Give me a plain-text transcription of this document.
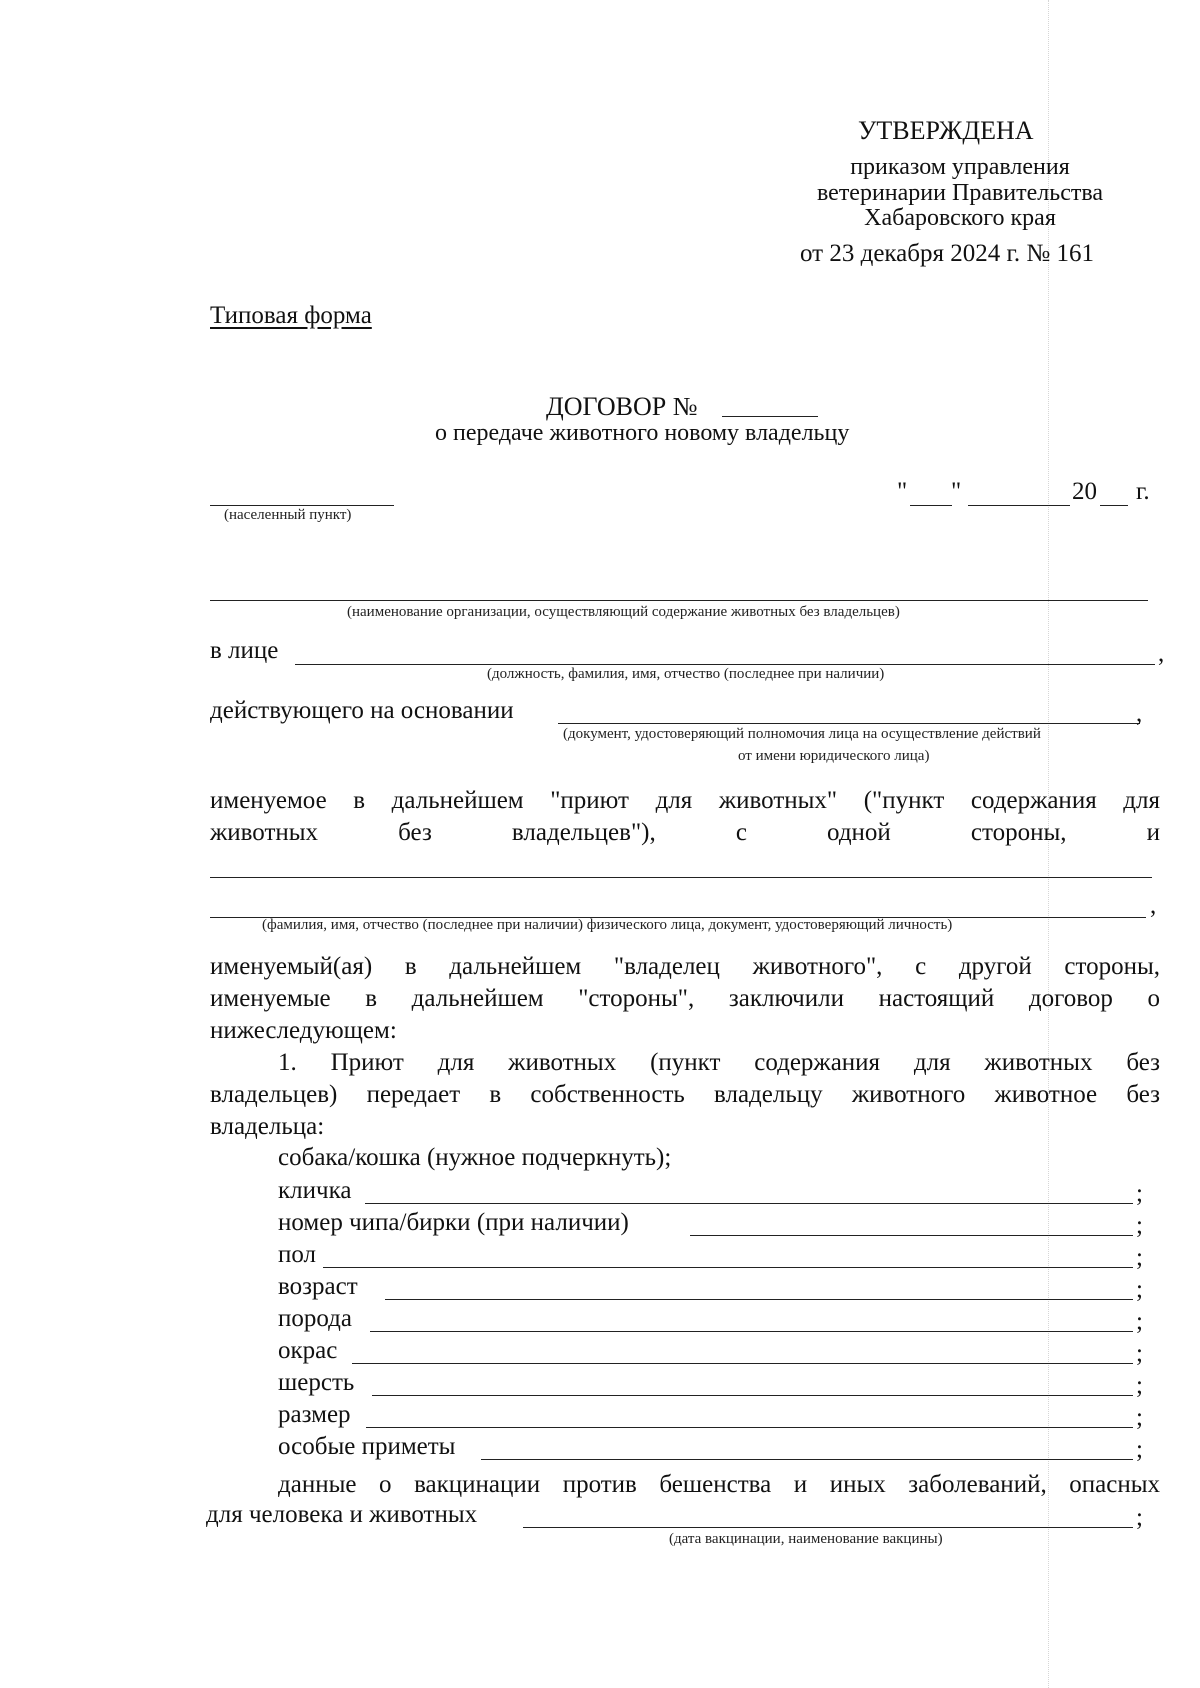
УТВЕРЖДЕНА
приказом управления
ветеринарии Правительства
Хабаровского края
от 23 декабря 2024 г. № 161
Типовая форма
ДОГОВОР №
о передаче животного новому владельцу
(населенный пункт)
" "	20 г.
(наименование организации, осуществляющий содержание животных без владельцев)
в лице	,
(должность, фамилия, имя, отчество (последнее при наличии)
действующего на основании	,
(документ, удостоверяющий полномочия лица на осуществление действий
от имени юридического лица)
именуемое в дальнейшем "приют для животных" ("пункт содержания для
животных без владельцев"), с одной стороны, и
,
(фамилия, имя, отчество (последнее при наличии) физического лица, документ, удостоверяющий личность)
именуемый(ая) в дальнейшем "владелец животного", с другой стороны,
именуемые в дальнейшем "стороны", заключили настоящий договор о
нижеследующем:
1. Приют для животных (пункт содержания для животных без
владельцев) передает в собственность владельцу животного животное без
владельца:
собака/кошка (нужное подчеркнуть);
кличка	;
номер чипа/бирки (при наличии)	;
пол	;
возраст	;
порода	;
окрас	;
шерсть	;
размер	;
особые приметы	;
данные о вакцинации против бешенства и иных заболеваний, опасных
для человека и животных	;
(дата вакцинации, наименование вакцины)
